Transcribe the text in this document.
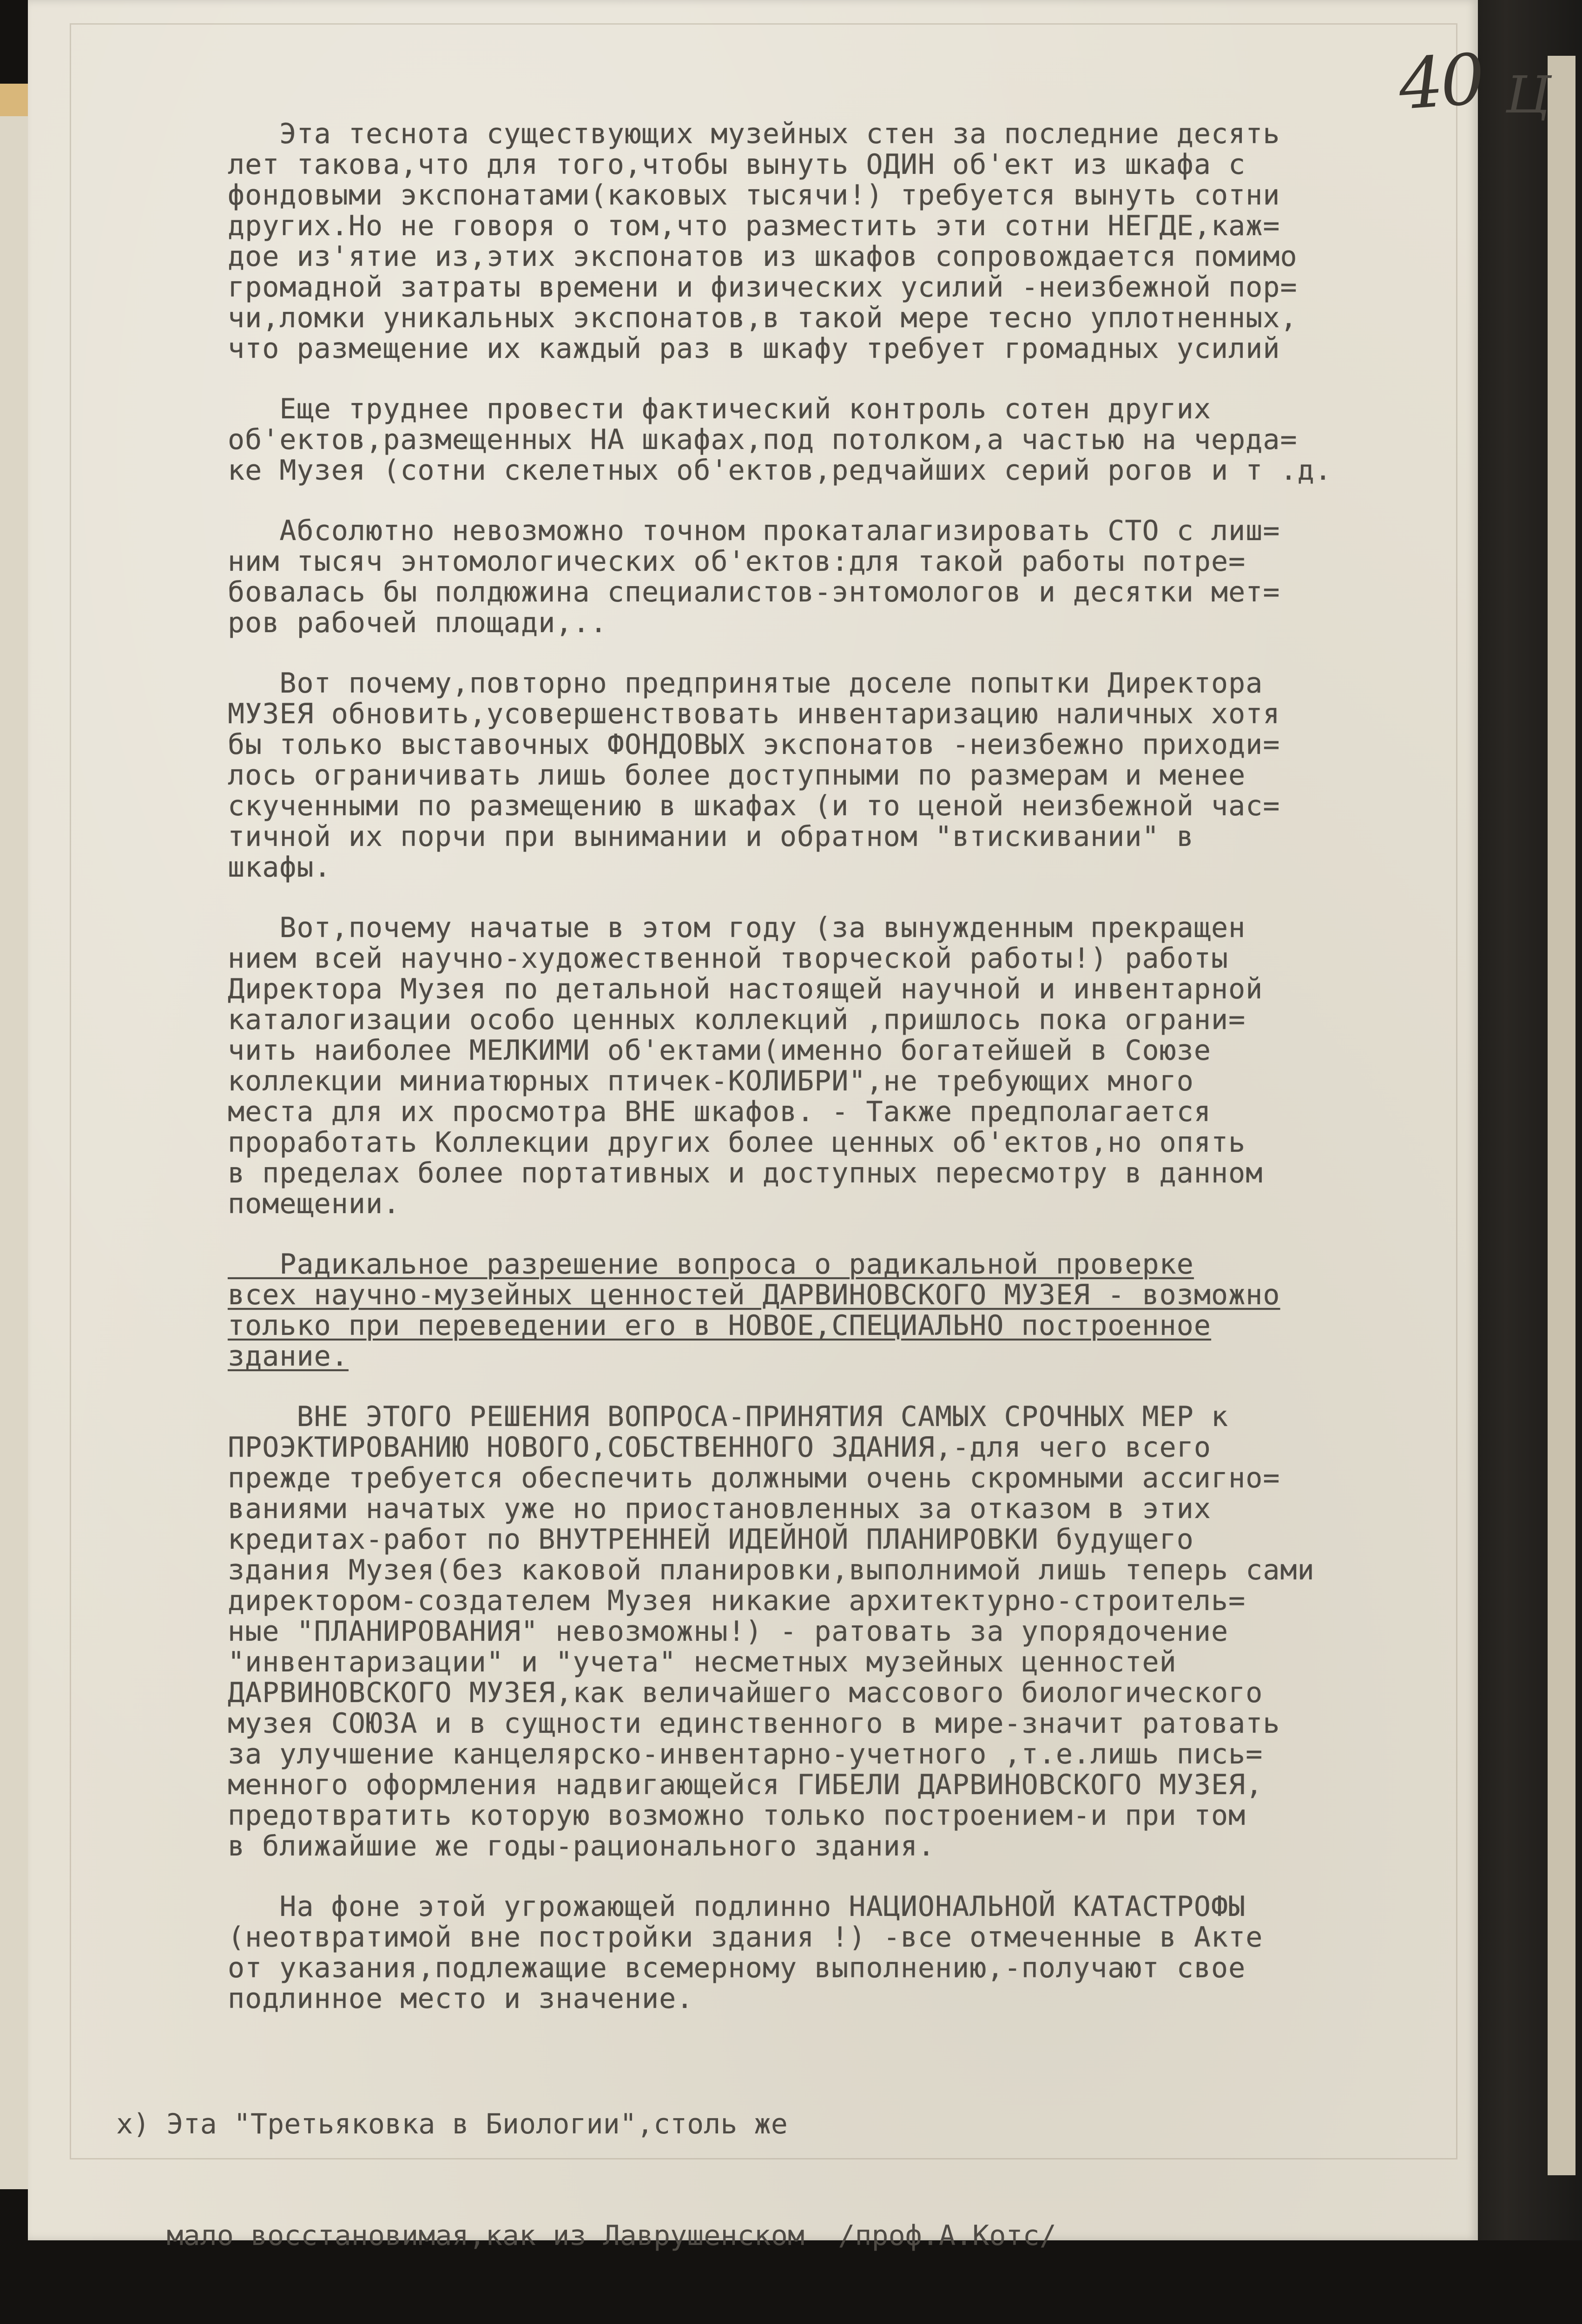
40 Ц
Эта теснота существующих музейных стен за последние десять
лет такова,что для того,чтобы вынуть ОДИН об'ект из шкафа с
фондовыми экспонатами(каковых тысячи!) требуется вынуть сотни
других.Но не говоря о том,что разместить эти сотни НЕГДЕ,каж=
дое из'ятие из,этих экспонатов из шкафов сопровождается помимо
громадной затраты времени и физических усилий -неизбежной пор=
чи,ломки уникальных экспонатов,в такой мере тесно уплотненных,
что размещение их каждый раз в шкафу требует громадных усилий
Еще труднее провести фактический контроль сотен других
об'ектов,размещенных НА шкафах,под потолком,а частью на черда=
ке Музея (сотни скелетных об'ектов,редчайших серий рогов и т .д.
Абсолютно невозможно точном прокаталагизировать СТО с лиш=
ним тысяч энтомологических об'ектов:для такой работы потре=
бовалась бы полдюжина специалистов-энтомологов и десятки мет=
ров рабочей площади,..
Вот почему,повторно предпринятые доселе попытки Директора
МУЗЕЯ обновить,усовершенствовать инвентаризацию наличных хотя
бы только выставочных ФОНДОВЫХ экспонатов -неизбежно приходи=
лось ограничивать лишь более доступными по размерам и менее
скученными по размещению в шкафах (и то ценой неизбежной час=
тичной их порчи при вынимании и обратном "втискивании" в
шкафы.
Вот,почему начатые в этом году (за вынужденным прекращен
нием всей научно-художественной творческой работы!) работы
Директора Музея по детальной настоящей научной и инвентарной
каталогизации особо ценных коллекций ,пришлось пока ограни=
чить наиболее МЕЛКИМИ об'ектами(именно богатейшей в Союзе
коллекции миниатюрных птичек-КОЛИБРИ",не требующих много
места для их просмотра ВНЕ шкафов. - Также предполагается
проработать Коллекции других более ценных об'ектов,но опять
в пределах более портативных и доступных пересмотру в данном
помещении.
Радикальное разрешение вопроса о радикальной проверке
всех научно-музейных ценностей ДАРВИНОВСКОГО МУЗЕЯ - возможно
только при переведении его в НОВОЕ,СПЕЦИАЛЬНО построенное
здание.
ВНЕ ЭТОГО РЕШЕНИЯ ВОПРОСА-ПРИНЯТИЯ САМЫХ СРОЧНЫХ МЕР к
ПРОЭКТИРОВАНИЮ НОВОГО,СОБСТВЕННОГО ЗДАНИЯ,-для чего всего
прежде требуется обеспечить должными очень скромными ассигно=
ваниями начатых уже но приостановленных за отказом в этих
кредитах-работ по ВНУТРЕННЕЙ ИДЕЙНОЙ ПЛАНИРОВКИ будущего
здания Музея(без каковой планировки,выполнимой лишь теперь сами
директором-создателем Музея никакие архитектурно-строитель=
ные "ПЛАНИРОВАНИЯ" невозможны!) - ратовать за упорядочение
"инвентаризации" и "учета" несметных музейных ценностей
ДАРВИНОВСКОГО МУЗЕЯ,как величайшего массового биологического
музея СОЮЗА и в сущности единственного в мире-значит ратовать
за улучшение канцелярско-инвентарно-учетного ,т.е.лишь пись=
менного оформления надвигающейся ГИБЕЛИ ДАРВИНОВСКОГО МУЗЕЯ,
предотвратить которую возможно только построением-и при том
в ближайшие же годы-рационального здания.
На фоне этой угрожающей подлинно НАЦИОНАЛЬНОЙ КАТАСТРОФЫ
(неотвратимой вне постройки здания !) -все отмеченные в Акте
от указания,подлежащие всемерному выполнению,-получают свое
подлинное место и значение.

х) Эта "Третьяковка в Биологии",столь же

мало восстановимая,как из Лаврушенском  /проф.А.Котс/
